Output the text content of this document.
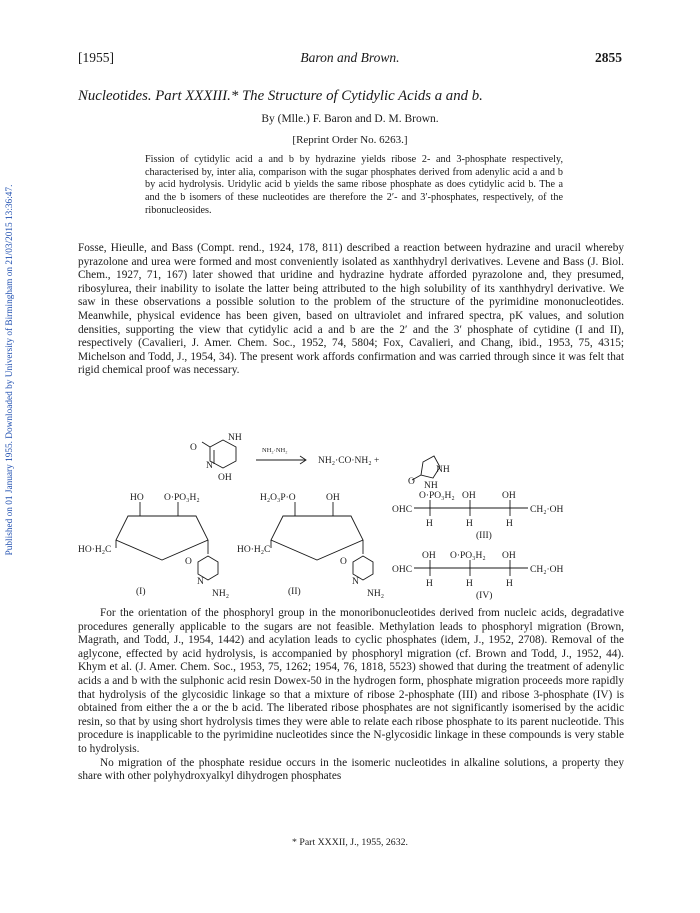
Published on 01 January 1955. Downloaded by University of Birmingham on 21/03/2015 13:36:47.
[1955]	Baron and Brown.	2855
Nucleotides. Part XXXIII.* The Structure of Cytidylic Acids a and b.
By (Mlle.) F. Baron and D. M. Brown.
[Reprint Order No. 6263.]
Fission of cytidylic acid a and b by hydrazine yields ribose 2- and 3-phosphate respectively, characterised by, inter alia, comparison with the sugar phosphates derived from adenylic acid a and b by acid hydrolysis. Uridylic acid b yields the same ribose phosphate as does cytidylic acid b. The a and the b isomers of these nucleotides are therefore the 2′- and 3′-phosphates, respectively, of the ribonucleosides.
Fosse, Hieulle, and Bass (Compt. rend., 1924, 178, 811) described a reaction between hydrazine and uracil whereby pyrazolone and urea were formed and most conveniently isolated as xanthhydryl derivatives. Levene and Bass (J. Biol. Chem., 1927, 71, 167) later showed that uridine and hydrazine hydrate afforded pyrazolone and, they presumed, ribosylurea, their inability to isolate the latter being attributed to the high solubility of its xanthhydryl derivative. We saw in these observations a possible solution to the problem of the structure of the pyrimidine mononucleotides. Meanwhile, physical evidence has been given, based on ultraviolet and infrared spectra, pK values, and solution densities, supporting the view that cytidylic acid a and b are the 2′ and the 3′ phosphate of cytidine (I and II), respectively (Cavalieri, J. Amer. Chem. Soc., 1952, 74, 5804; Fox, Cavalieri, and Chang, ibid., 1953, 75, 4315; Michelson and Todd, J., 1954, 34). The present work affords confirmation and was carried through since it was felt that rigid chemical proof was necessary.
NH
O
N
OH
NH₂·NH₂
NH₂·CO·NH₂ +
O
NH
NH
HO O·PO₃H₂
HO·H₂C
O
N
NH₂
(I)
H₂O₃P·O	OH
HO·H₂C
O
N
NH₂
(II)
O·PO₃H₂ OH	OH
OHC	CH₂·OH
H	H	H
(III)
OH O·PO₃H₂ OH
OHC	CH₂·OH
H	H	H
(IV)

For the orientation of the phosphoryl group in the monoribonucleotides derived from nucleic acids, degradative procedures generally applicable to the sugars are not feasible. Methylation leads to phosphoryl migration (Brown, Magrath, and Todd, J., 1954, 1442) and acylation leads to cyclic phosphates (idem, J., 1952, 2708). Removal of the aglycone, effected by acid hydrolysis, is accompanied by phosphoryl migration (cf. Brown and Todd, J., 1952, 44). Khym et al. (J. Amer. Chem. Soc., 1953, 75, 1262; 1954, 76, 1818, 5523) showed that during the treatment of adenylic acids a and b with the sulphonic acid resin Dowex-50 in the hydrogen form, phosphate migration proceeds more rapidly that hydrolysis of the glycosidic linkage so that a mixture of ribose 2-phosphate (III) and ribose 3-phosphate (IV) is obtained from either the a or the b acid. The liberated ribose phosphates are not significantly isomerised by the acidic resin, so that by using short hydrolysis times they were able to relate each ribose phosphate to its parent nucleotide. This procedure is inapplicable to the pyrimidine nucleotides since the N-glycosidic linkage in these compounds is very stable to hydrolysis.

No migration of the phosphate residue occurs in the isomeric nucleotides in alkaline solutions, a property they share with other polyhydroxyalkyl dihydrogen phosphates

* Part XXXII, J., 1955, 2632.
